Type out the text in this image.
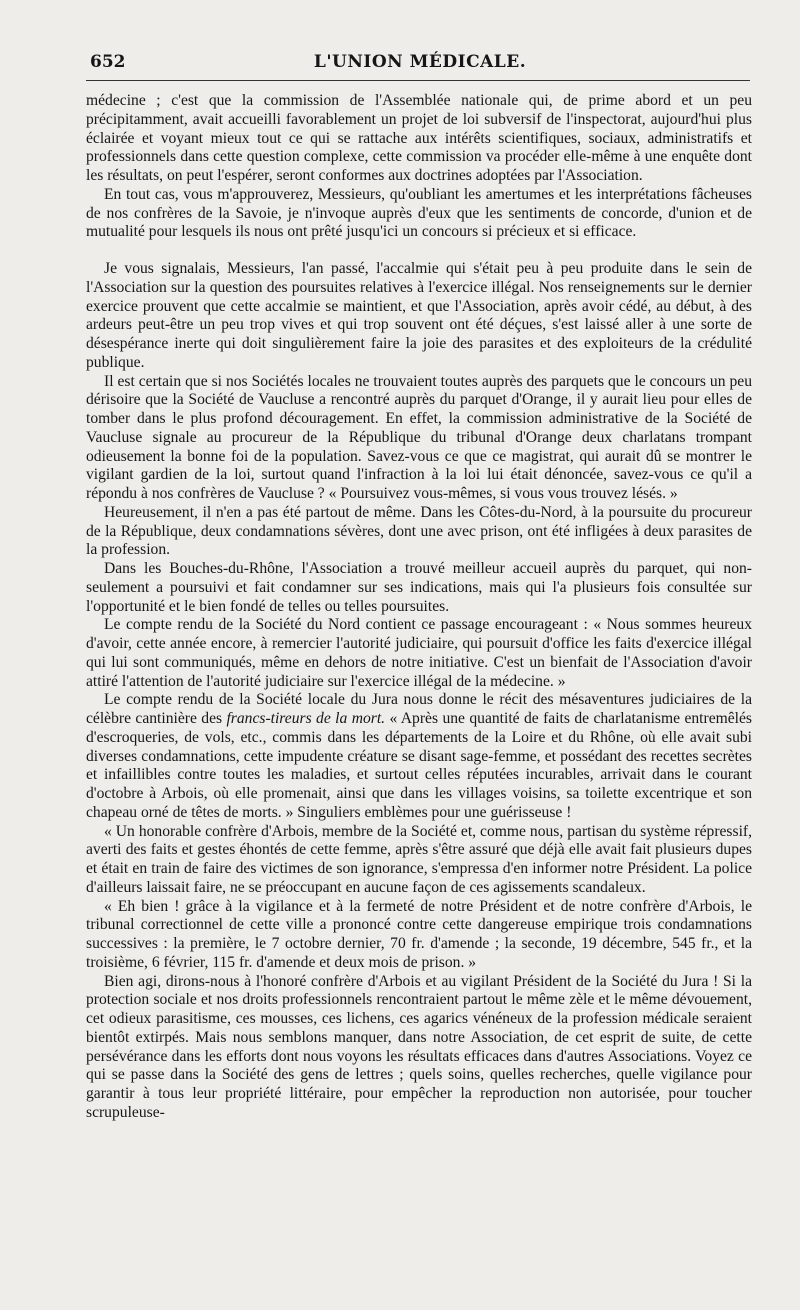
652	L'UNION MÉDICALE.

médecine ; c'est que la commission de l'Assemblée nationale qui, de prime abord et un peu précipitamment, avait accueilli favorablement un projet de loi subversif de l'inspectorat, aujourd'hui plus éclairée et voyant mieux tout ce qui se rattache aux intérêts scientifiques, sociaux, administratifs et professionnels dans cette question complexe, cette commission va procéder elle-même à une enquête dont les résultats, on peut l'espérer, seront conformes aux doctrines adoptées par l'Association.

En tout cas, vous m'approuverez, Messieurs, qu'oubliant les amertumes et les interprétations fâcheuses de nos confrères de la Savoie, je n'invoque auprès d'eux que les sentiments de concorde, d'union et de mutualité pour lesquels ils nous ont prêté jusqu'ici un concours si précieux et si efficace.

Je vous signalais, Messieurs, l'an passé, l'accalmie qui s'était peu à peu produite dans le sein de l'Association sur la question des poursuites relatives à l'exercice illégal. Nos renseignements sur le dernier exercice prouvent que cette accalmie se maintient, et que l'Association, après avoir cédé, au début, à des ardeurs peut-être un peu trop vives et qui trop souvent ont été déçues, s'est laissé aller à une sorte de désespérance inerte qui doit singulièrement faire la joie des parasites et des exploiteurs de la crédulité publique.

Il est certain que si nos Sociétés locales ne trouvaient toutes auprès des parquets que le concours un peu dérisoire que la Société de Vaucluse a rencontré auprès du parquet d'Orange, il y aurait lieu pour elles de tomber dans le plus profond découragement. En effet, la commission administrative de la Société de Vaucluse signale au procureur de la République du tribunal d'Orange deux charlatans trompant odieusement la bonne foi de la population. Savez-vous ce que ce magistrat, qui aurait dû se montrer le vigilant gardien de la loi, surtout quand l'infraction à la loi lui était dénoncée, savez-vous ce qu'il a répondu à nos confrères de Vaucluse ? « Poursuivez vous-mêmes, si vous vous trouvez lésés. »

Heureusement, il n'en a pas été partout de même. Dans les Côtes-du-Nord, à la poursuite du procureur de la République, deux condamnations sévères, dont une avec prison, ont été infligées à deux parasites de la profession.

Dans les Bouches-du-Rhône, l'Association a trouvé meilleur accueil auprès du parquet, qui non-seulement a poursuivi et fait condamner sur ses indications, mais qui l'a plusieurs fois consultée sur l'opportunité et le bien fondé de telles ou telles poursuites.

Le compte rendu de la Société du Nord contient ce passage encourageant : « Nous sommes heureux d'avoir, cette année encore, à remercier l'autorité judiciaire, qui poursuit d'office les faits d'exercice illégal qui lui sont communiqués, même en dehors de notre initiative. C'est un bienfait de l'Association d'avoir attiré l'attention de l'autorité judiciaire sur l'exercice illégal de la médecine. »

Le compte rendu de la Société locale du Jura nous donne le récit des mésaventures judiciaires de la célèbre cantinière des francs-tireurs de la mort. « Après une quantité de faits de charlatanisme entremêlés d'escroqueries, de vols, etc., commis dans les départements de la Loire et du Rhône, où elle avait subi diverses condamnations, cette impudente créature se disant sage-femme, et possédant des recettes secrètes et infaillibles contre toutes les maladies, et surtout celles réputées incurables, arrivait dans le courant d'octobre à Arbois, où elle promenait, ainsi que dans les villages voisins, sa toilette excentrique et son chapeau orné de têtes de morts. » Singuliers emblèmes pour une guérisseuse !

« Un honorable confrère d'Arbois, membre de la Société et, comme nous, partisan du système répressif, averti des faits et gestes éhontés de cette femme, après s'être assuré que déjà elle avait fait plusieurs dupes et était en train de faire des victimes de son ignorance, s'empressa d'en informer notre Président. La police d'ailleurs laissait faire, ne se préoccupant en aucune façon de ces agissements scandaleux.

« Eh bien ! grâce à la vigilance et à la fermeté de notre Président et de notre confrère d'Arbois, le tribunal correctionnel de cette ville a prononcé contre cette dangereuse empirique trois condamnations successives : la première, le 7 octobre dernier, 70 fr. d'amende ; la seconde, 19 décembre, 545 fr., et la troisième, 6 février, 115 fr. d'amende et deux mois de prison. »

Bien agi, dirons-nous à l'honoré confrère d'Arbois et au vigilant Président de la Société du Jura ! Si la protection sociale et nos droits professionnels rencontraient partout le même zèle et le même dévouement, cet odieux parasitisme, ces mousses, ces lichens, ces agarics vénéneux de la profession médicale seraient bientôt extirpés. Mais nous semblons manquer, dans notre Association, de cet esprit de suite, de cette persévérance dans les efforts dont nous voyons les résultats efficaces dans d'autres Associations. Voyez ce qui se passe dans la Société des gens de lettres ; quels soins, quelles recherches, quelle vigilance pour garantir à tous leur propriété littéraire, pour empêcher la reproduction non autorisée, pour toucher scrupuleuse-
